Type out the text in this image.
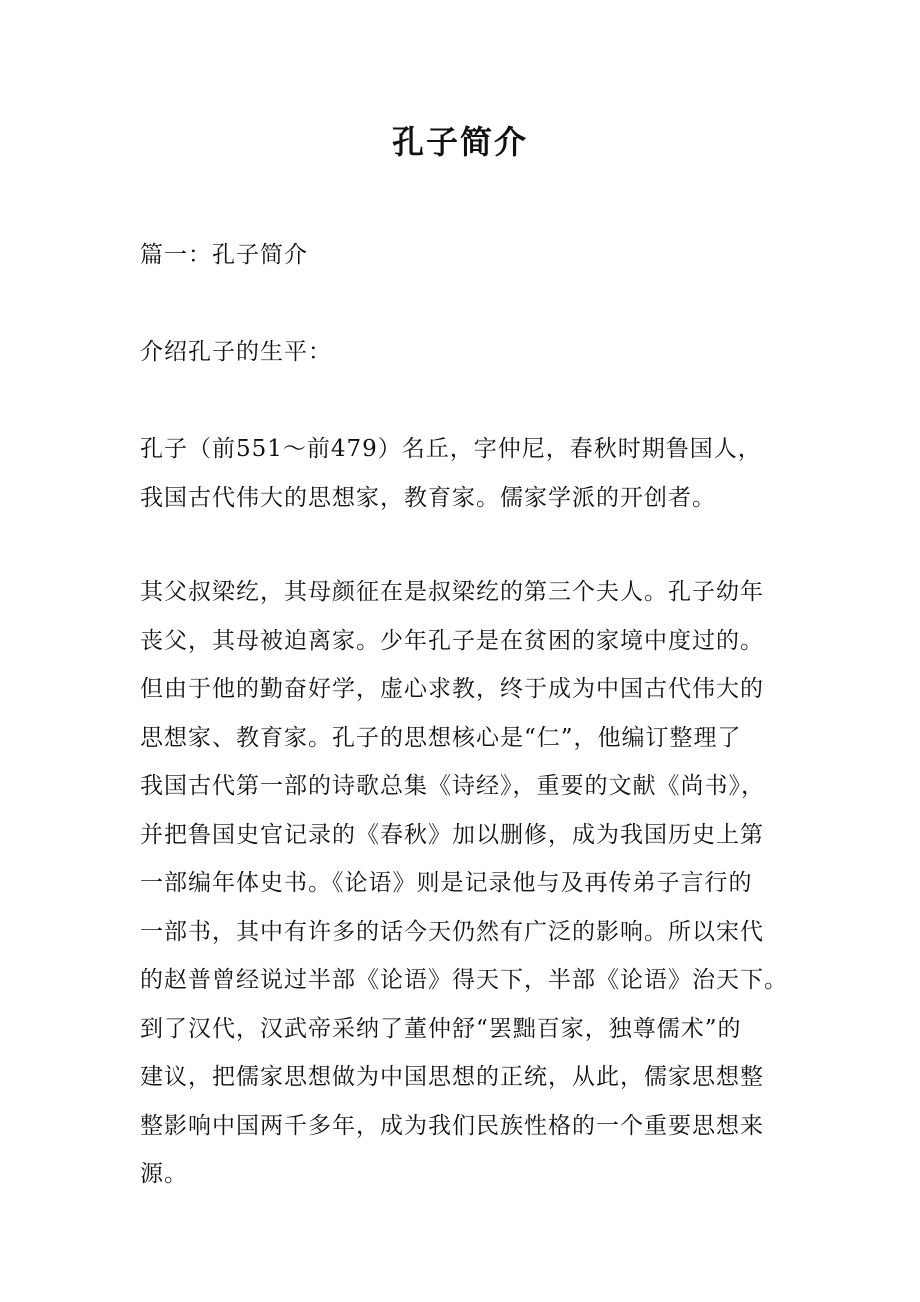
孔子简介

篇一：孔子简介

介绍孔子的生平：

孔子（前551～前479）名丘，字仲尼，春秋时期鲁国人，
我国古代伟大的思想家，教育家。儒家学派的开创者。

其父叔梁纥，其母颜征在是叔梁纥的第三个夫人。孔子幼年
丧父，其母被迫离家。少年孔子是在贫困的家境中度过的。
但由于他的勤奋好学，虚心求教，终于成为中国古代伟大的
思想家、教育家。孔子的思想核心是“仁”，他编订整理了
我国古代第一部的诗歌总集《诗经》，重要的文献《尚书》，
并把鲁国史官记录的《春秋》加以删修，成为我国历史上第
一部编年体史书。《论语》则是记录他与及再传弟子言行的
一部书，其中有许多的话今天仍然有广泛的影响。所以宋代
的赵普曾经说过半部《论语》得天下，半部《论语》治天下。
到了汉代，汉武帝采纳了董仲舒“罢黜百家，独尊儒术”的
建议，把儒家思想做为中国思想的正统，从此，儒家思想整
整影响中国两千多年，成为我们民族性格的一个重要思想来
源。
